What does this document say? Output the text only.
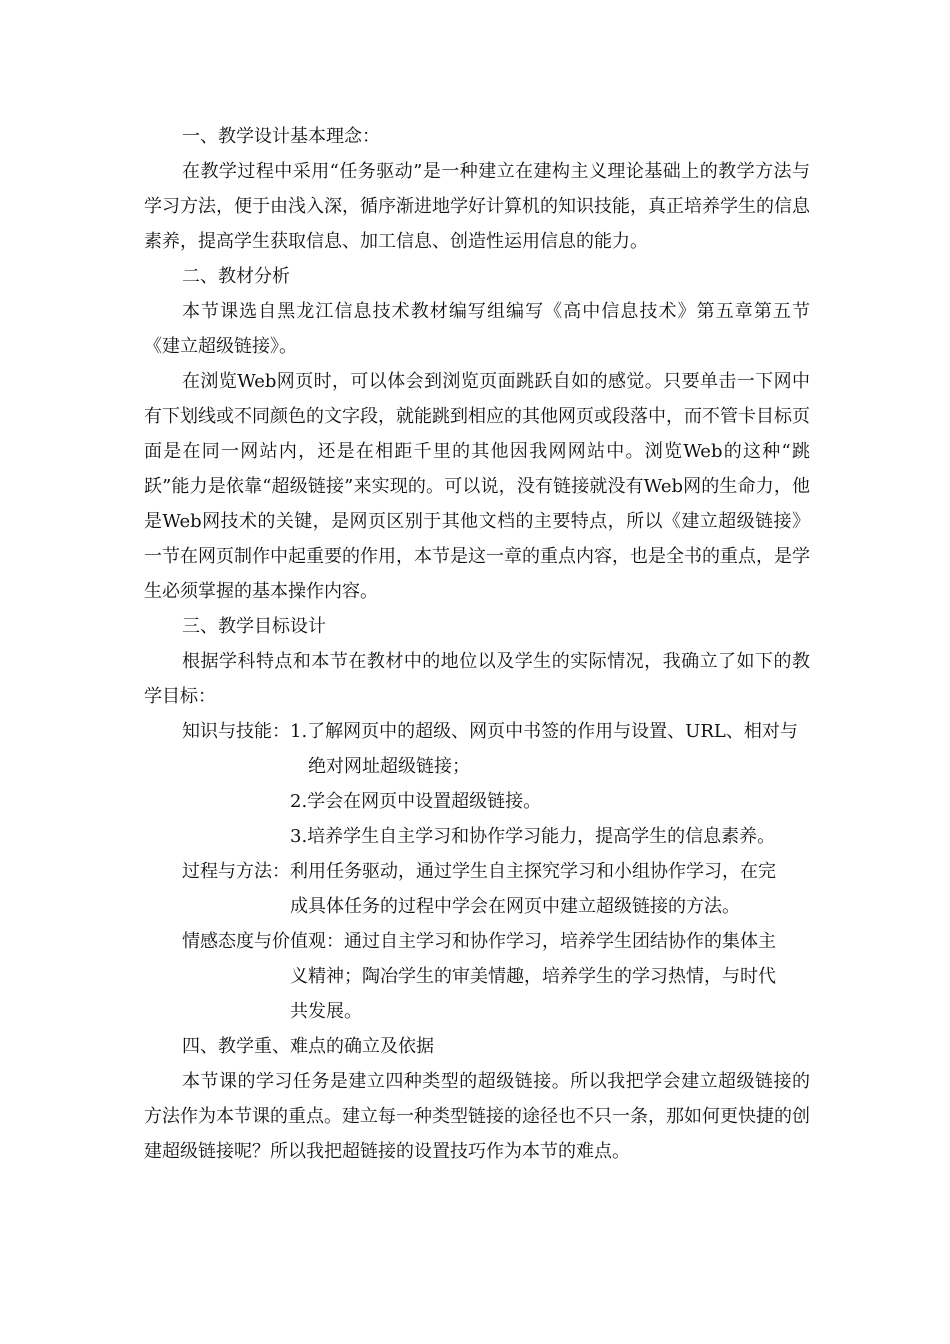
一、教学设计基本理念：

在教学过程中采用“任务驱动”是一种建立在建构主义理论基础上的教学方法与学习方法，便于由浅入深，循序渐进地学好计算机的知识技能，真正培养学生的信息素养，提高学生获取信息、加工信息、创造性运用信息的能力。

二、教材分析

本节课选自黑龙江信息技术教材编写组编写《高中信息技术》第五章第五节《建立超级链接》。

在浏览Web网页时，可以体会到浏览页面跳跃自如的感觉。只要单击一下网中有下划线或不同颜色的文字段，就能跳到相应的其他网页或段落中，而不管卡目标页面是在同一网站内，还是在相距千里的其他因我网网站中。浏览Web的这种“跳跃”能力是依靠“超级链接”来实现的。可以说，没有链接就没有Web网的生命力，他是Web网技术的关键，是网页区别于其他文档的主要特点，所以《建立超级链接》一节在网页制作中起重要的作用，本节是这一章的重点内容，也是全书的重点，是学生必须掌握的基本操作内容。

三、教学目标设计

根据学科特点和本节在教材中的地位以及学生的实际情况，我确立了如下的教学目标：

知识与技能： 1.了解网页中的超级、网页中书签的作用与设置、URL、相对与

绝对网址超级链接；

2.学会在网页中设置超级链接。

3.培养学生自主学习和协作学习能力，提高学生的信息素养。

过程与方法： 利用任务驱动，通过学生自主探究学习和小组协作学习，在完
成具体任务的过程中学会在网页中建立超级链接的方法。
情感态度与价值观： 通过自主学习和协作学习，培养学生团结协作的集体主
义精神；陶冶学生的审美情趣，培养学生的学习热情，与时代
共发展。

四、教学重、难点的确立及依据

本节课的学习任务是建立四种类型的超级链接。所以我把学会建立超级链接的方法作为本节课的重点。建立每一种类型链接的途径也不只一条，那如何更快捷的创建超级链接呢？所以我把超链接的设置技巧作为本节的难点。
